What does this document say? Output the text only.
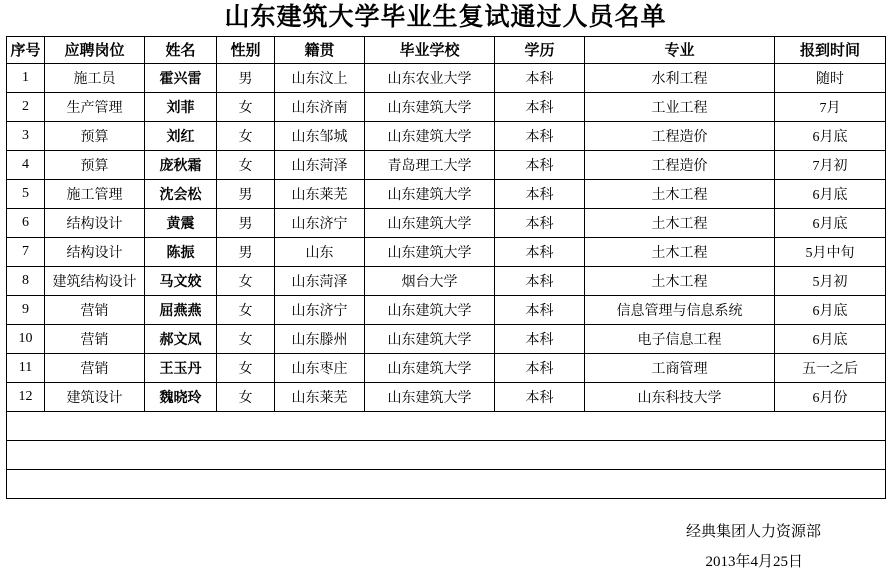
山东建筑大学毕业生复试通过人员名单
序号	应聘岗位	姓名	性别	籍贯	毕业学校	学历	专业	报到时间
1	施工员	霍兴雷	男	山东汶上	山东农业大学	本科	水利工程	随时
2	生产管理	刘菲	女	山东济南	山东建筑大学	本科	工业工程	7月
3	预算	刘红	女	山东邹城	山东建筑大学	本科	工程造价	6月底
4	预算	庞秋霜	女	山东菏泽	青岛理工大学	本科	工程造价	7月初
5	施工管理	沈会松	男	山东莱芜	山东建筑大学	本科	土木工程	6月底
6	结构设计	黄震	男	山东济宁	山东建筑大学	本科	土木工程	6月底
7	结构设计	陈振	男	山东	山东建筑大学	本科	土木工程	5月中旬
8	建筑结构设计	马文姣	女	山东菏泽	烟台大学	本科	土木工程	5月初
9	营销	屈燕燕	女	山东济宁	山东建筑大学	本科	信息管理与信息系统	6月底
10	营销	郝文凤	女	山东滕州	山东建筑大学	本科	电子信息工程	6月底
11	营销	王玉丹	女	山东枣庄	山东建筑大学	本科	工商管理	五一之后
12	建筑设计	魏晓玲	女	山东莱芜	山东建筑大学	本科	山东科技大学	6月份

经典集团人力资源部
2013年4月25日
